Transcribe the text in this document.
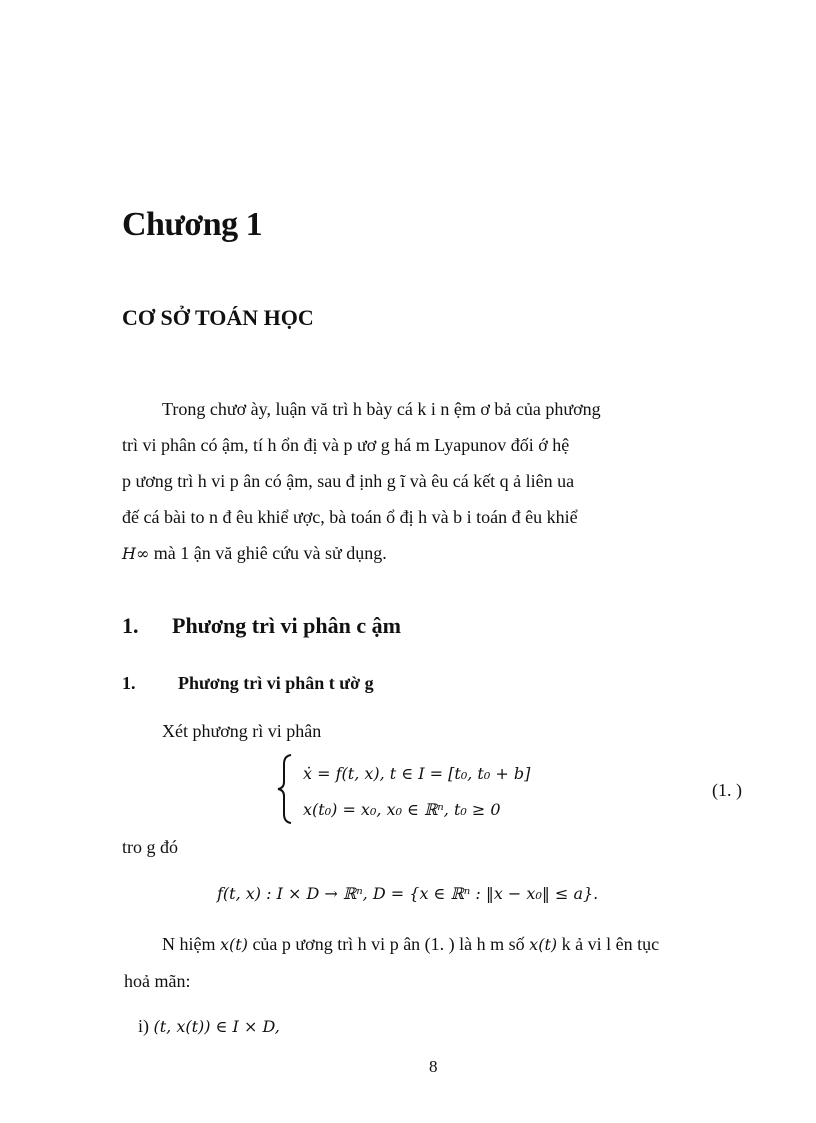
Chương 1
CƠ SỞ TOÁN HỌC
Trong chươ ày, luận vă trì h bày cá k i n ệm ơ bả của phương
trì vi phân có ậm, tí h ổn đị và p ươ g há m Lyapunov đối ớ hệ
p ương trì h vi p ân có ậm, sau đ ịnh g ĩ và êu cá kết q ả liên ua
đế cá bài to n đ êu khiể ược, bà toán ổ đị h và b i toán đ êu khiể
H∞ mà 1 ận vă ghiê cứu và sử dụng.
1. Phương trì vi phân c ậm
1. Phương trì vi phân t ườ g
Xét phương rì vi phân
ẋ = f(t, x), t ∈ I = [t₀, t₀ + b]
x(t₀) = x₀, x₀ ∈ ℝⁿ, t₀ ≥ 0
(1. )
tro g đó
f(t, x) : I × D → ℝⁿ, D = {x ∈ ℝⁿ : ‖x − x₀‖ ≤ a}.
N hiệm x(t) của p ương trì h vi p ân (1. ) là h m số x(t) k ả vi l ên tục
hoả mãn:
i) (t, x(t)) ∈ I × D,
8
